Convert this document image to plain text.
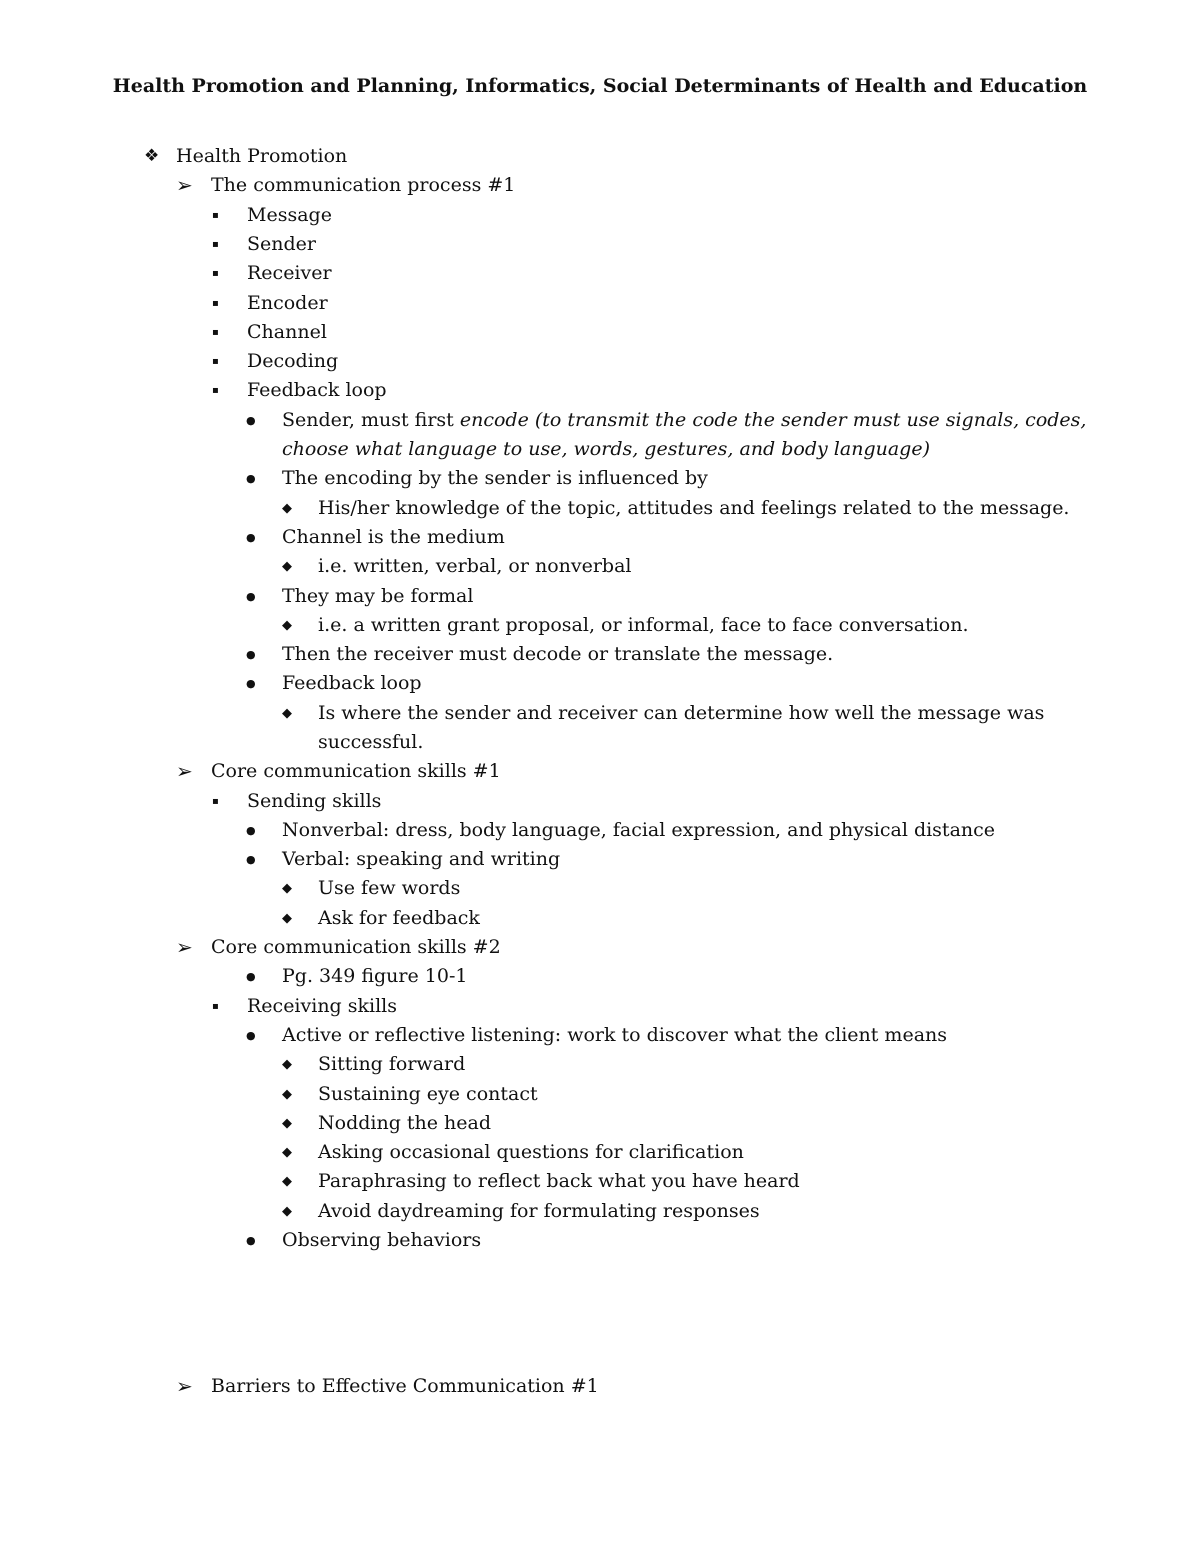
Health Promotion and Planning, Informatics, Social Determinants of Health and Education
❖ Health Promotion
➢ The communication process #1
▪	Message
▪	Sender
▪	Receiver
▪	Encoder
▪	Channel
▪	Decoding
▪	Feedback loop
●	Sender, must first encode (to transmit the code the sender must use signals, codes,
choose what language to use, words, gestures, and body language)
●	The encoding by the sender is influenced by
◆	His/her knowledge of the topic, attitudes and feelings related to the message.
●	Channel is the medium
◆	i.e. written, verbal, or nonverbal
●	They may be formal
◆	i.e. a written grant proposal, or informal, face to face conversation.
●	Then the receiver must decode or translate the message.
●	Feedback loop
◆	Is where the sender and receiver can determine how well the message was
successful.
➢ Core communication skills #1
▪	Sending skills
●	Nonverbal: dress, body language, facial expression, and physical distance
●	Verbal: speaking and writing
◆	Use few words
◆	Ask for feedback
➢ Core communication skills #2
●	Pg. 349 figure 10-1
▪	Receiving skills
●	Active or reflective listening: work to discover what the client means
◆	Sitting forward
◆	Sustaining eye contact
◆	Nodding the head
◆	Asking occasional questions for clarification
◆	Paraphrasing to reflect back what you have heard
◆	Avoid daydreaming for formulating responses
●	Observing behaviors
➢ Barriers to Effective Communication #1
